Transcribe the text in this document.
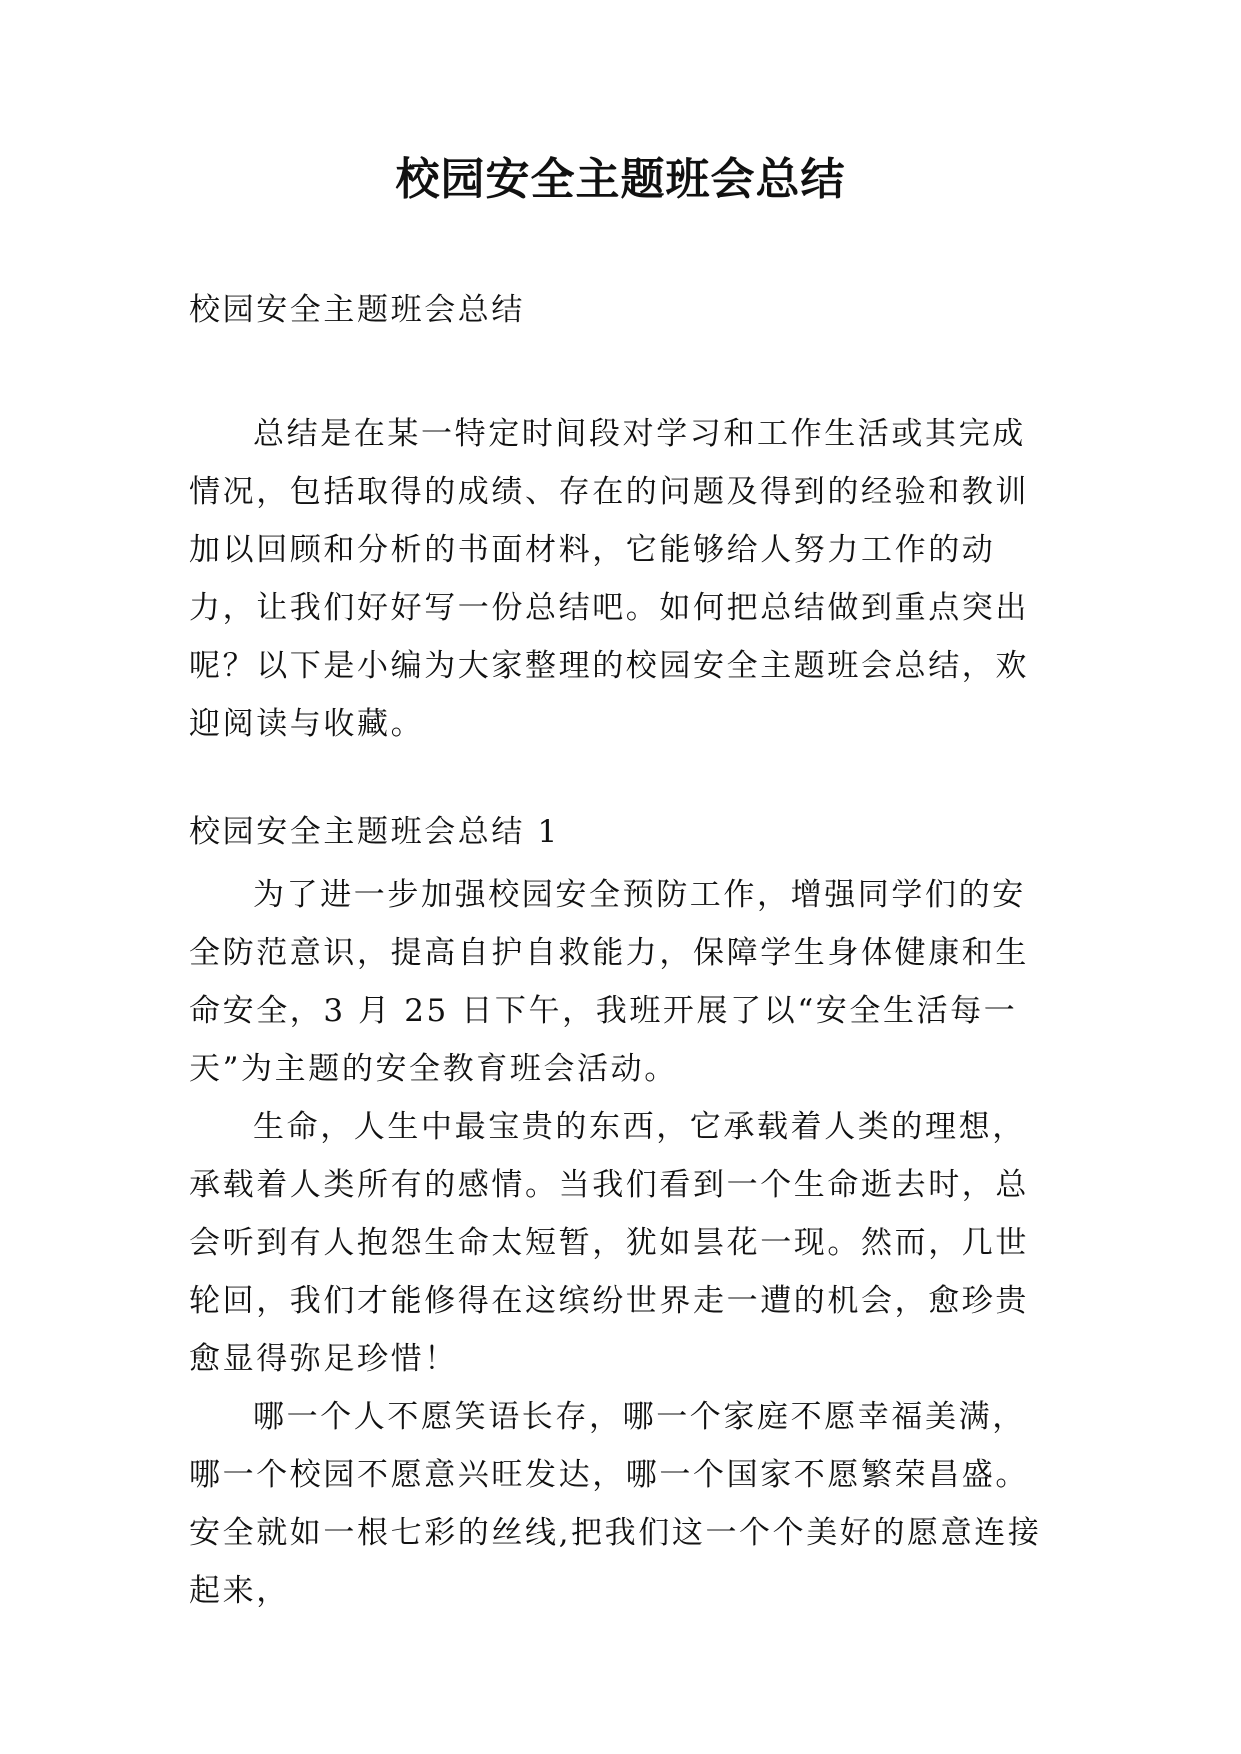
校园安全主题班会总结

校园安全主题班会总结

总结是在某一特定时间段对学习和工作生活或其完成情况，包括取得的成绩、存在的问题及得到的经验和教训加以回顾和分析的书面材料，它能够给人努力工作的动力，让我们好好写一份总结吧。如何把总结做到重点突出呢？以下是小编为大家整理的校园安全主题班会总结，欢迎阅读与收藏。

校园安全主题班会总结 1

为了进一步加强校园安全预防工作，增强同学们的安全防范意识，提高自护自救能力，保障学生身体健康和生命安全，3 月 25 日下午，我班开展了以“安全生活每一天”为主题的安全教育班会活动。

生命，人生中最宝贵的东西，它承载着人类的理想，承载着人类所有的感情。当我们看到一个生命逝去时，总会听到有人抱怨生命太短暂，犹如昙花一现。然而，几世轮回，我们才能修得在这缤纷世界走一遭的机会，愈珍贵愈显得弥足珍惜！

哪一个人不愿笑语长存，哪一个家庭不愿幸福美满，哪一个校园不愿意兴旺发达，哪一个国家不愿繁荣昌盛。安全就如一根七彩的丝线,把我们这一个个美好的愿意连接起来，
